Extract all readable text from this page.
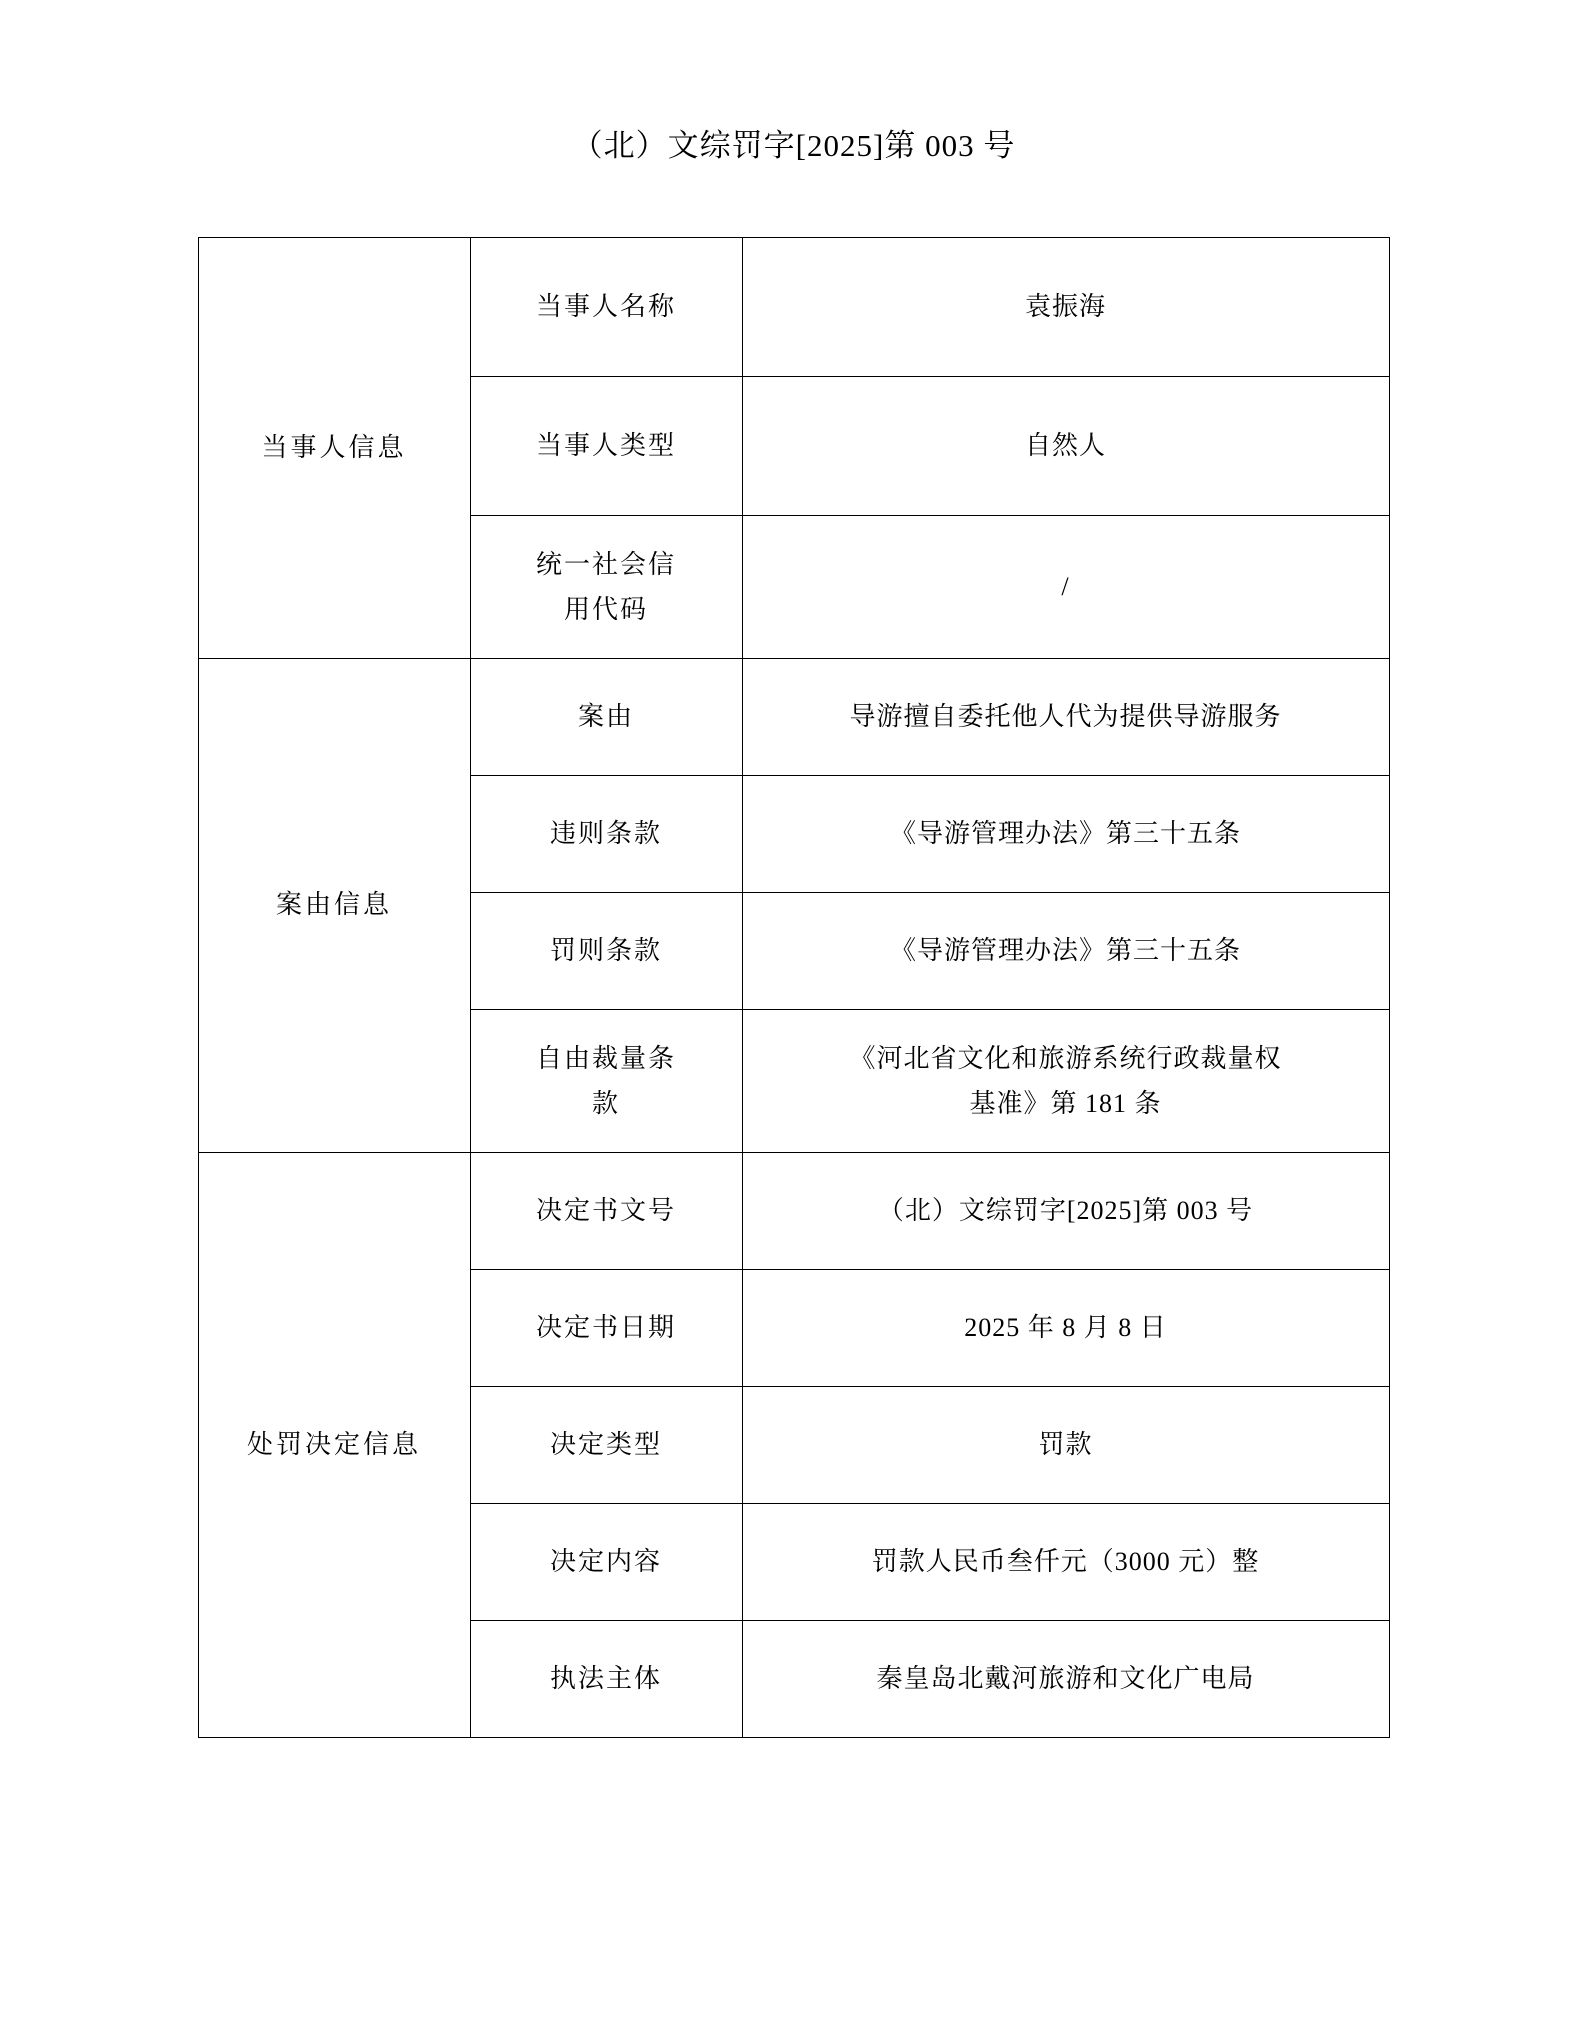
（北）文综罚字[2025]第 003 号
当事人信息	当事人名称	袁振海
	当事人类型	自然人

	统一社会信
用代码	/
案由信息	案由	导游擅自委托他人代为提供导游服务
	违则条款	《导游管理办法》第三十五条
	罚则条款	《导游管理办法》第三十五条

	自由裁量条
款	《河北省文化和旅游系统行政裁量权
基准》第 181 条

处罚决定信息	决定书文号	（北）文综罚字[2025]第 003 号
	决定书日期	2025 年 8 月 8 日
	决定类型	罚款
	决定内容	罚款人民币叁仟元（3000 元）整
	执法主体	秦皇岛北戴河旅游和文化广电局
